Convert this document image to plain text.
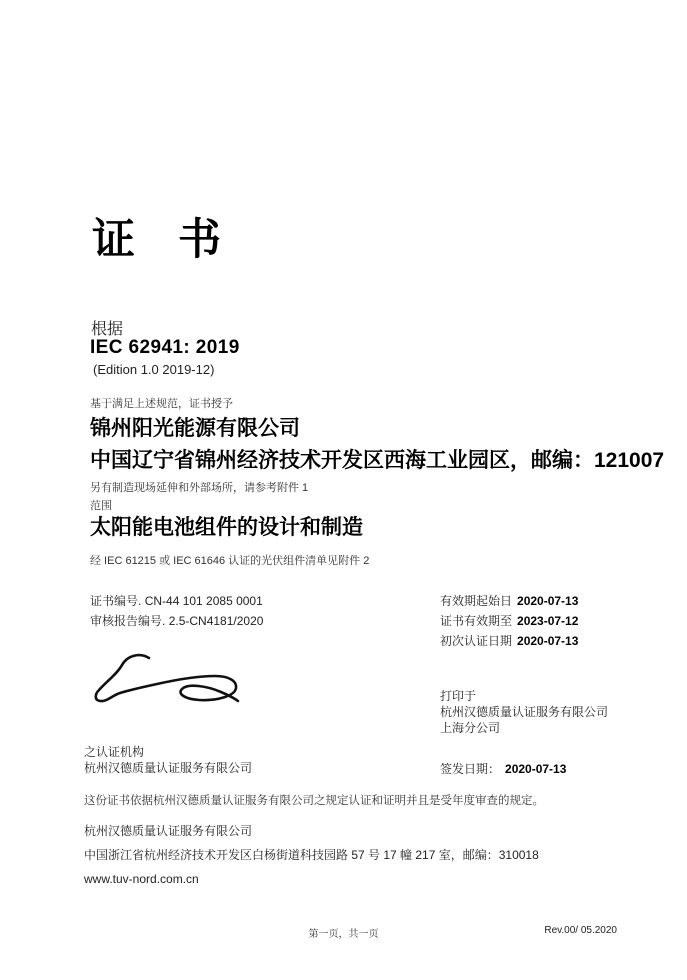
证 书
根据
IEC 62941: 2019
(Edition 1.0 2019-12)
基于满足上述规范，证书授予
锦州阳光能源有限公司
中国辽宁省锦州经济技术开发区西海工业园区，邮编：121007
另有制造现场延伸和外部场所，请参考附件 1
范围
太阳能电池组件的设计和制造
经 IEC 61215 或 IEC 61646 认证的光伏组件清单见附件 2
证书编号. CN-44 101 2085 0001
审核报告编号. 2.5-CN4181/2020
有效期起始日 2020-07-13
证书有效期至 2023-07-12
初次认证日期 2020-07-13
打印于
杭州汉德质量认证服务有限公司
上海分公司
之认证机构
杭州汉德质量认证服务有限公司	签发日期： 2020-07-13
这份证书依据杭州汉德质量认证服务有限公司之规定认证和证明并且是受年度审查的规定。
杭州汉德质量认证服务有限公司
中国浙江省杭州经济技术开发区白杨街道科技园路 57 号 17 幢 217 室，邮编：310018
www.tuv-nord.com.cn
第一页，共一页	Rev.00/ 05.2020
